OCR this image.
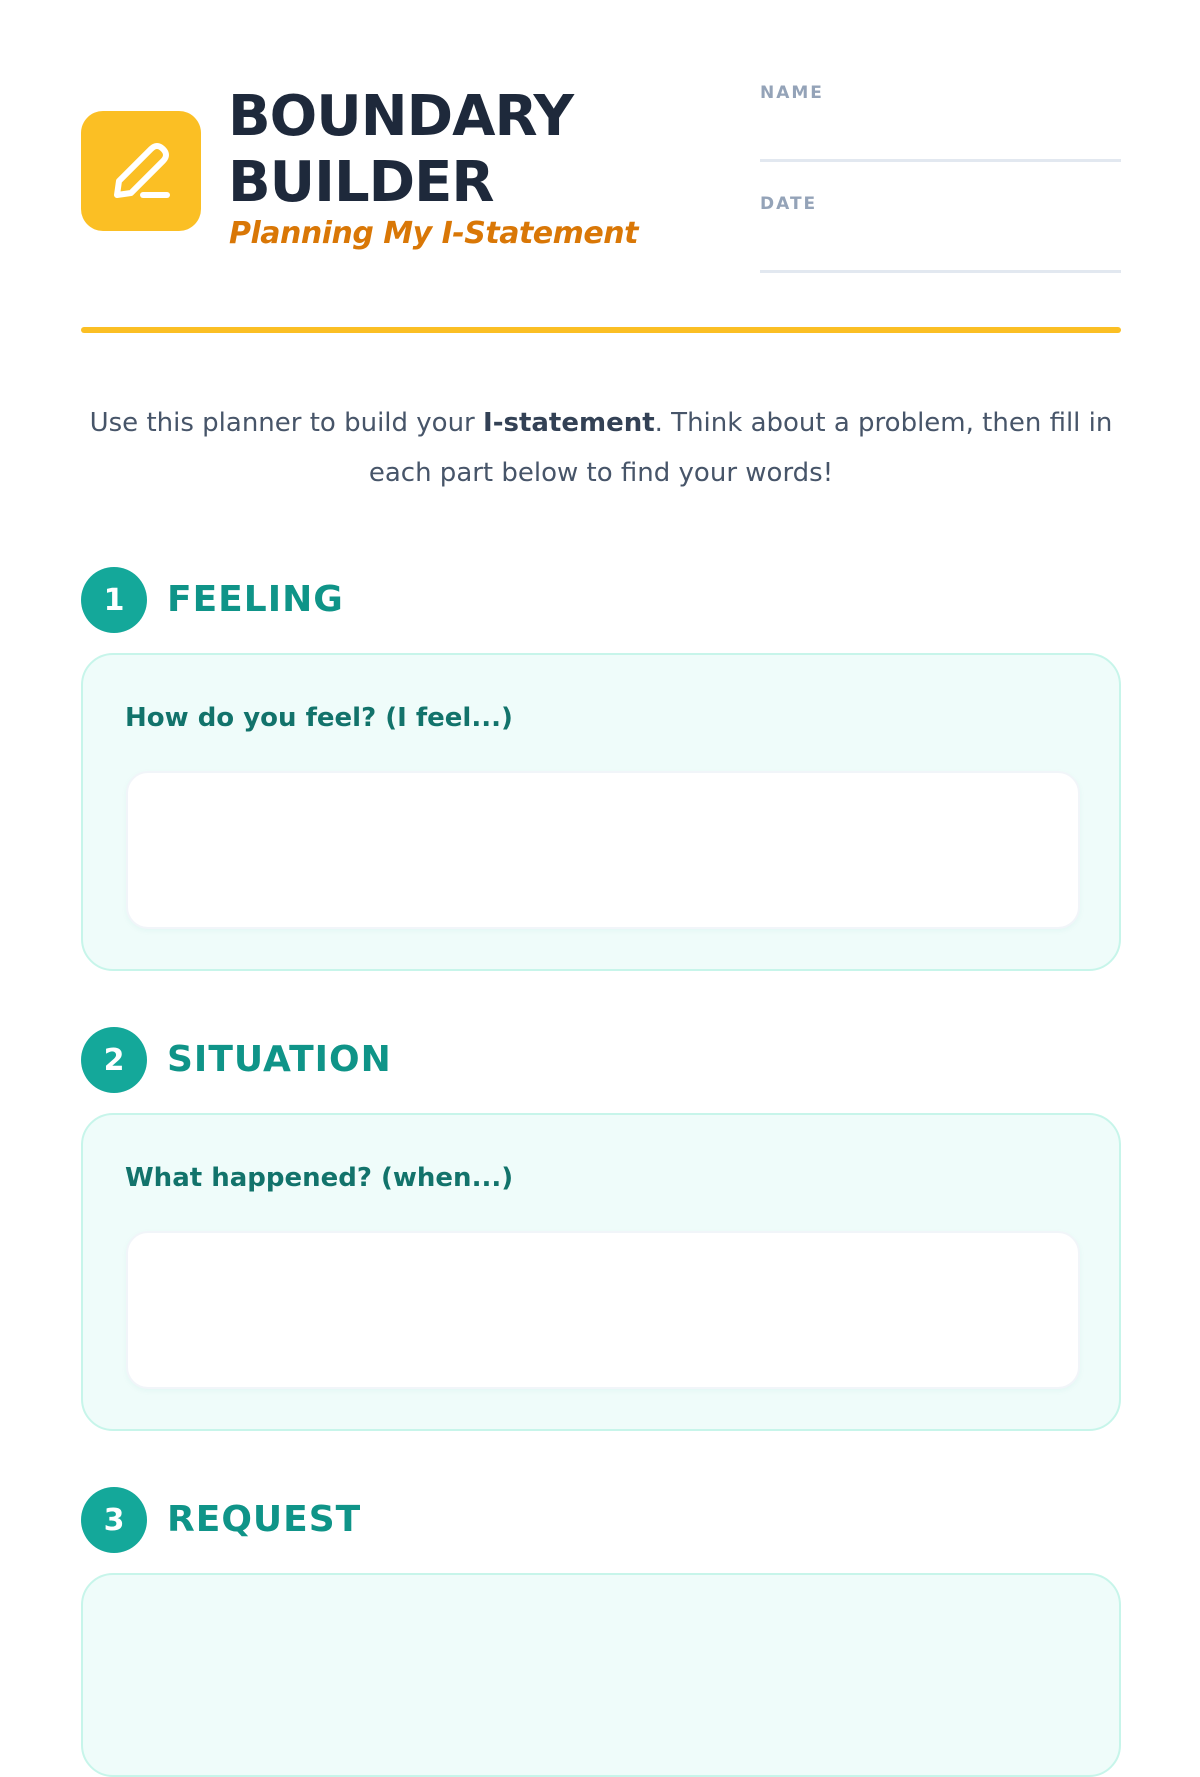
BOUNDARY
BUILDER
Planning My I-Statement
NAME
DATE

Use this planner to build your I-statement. Think about a problem, then fill in each part below to find your words!

1	FEELING
How do you feel? (I feel...)
2	SITUATION
What happened? (when...)
3	REQUEST
